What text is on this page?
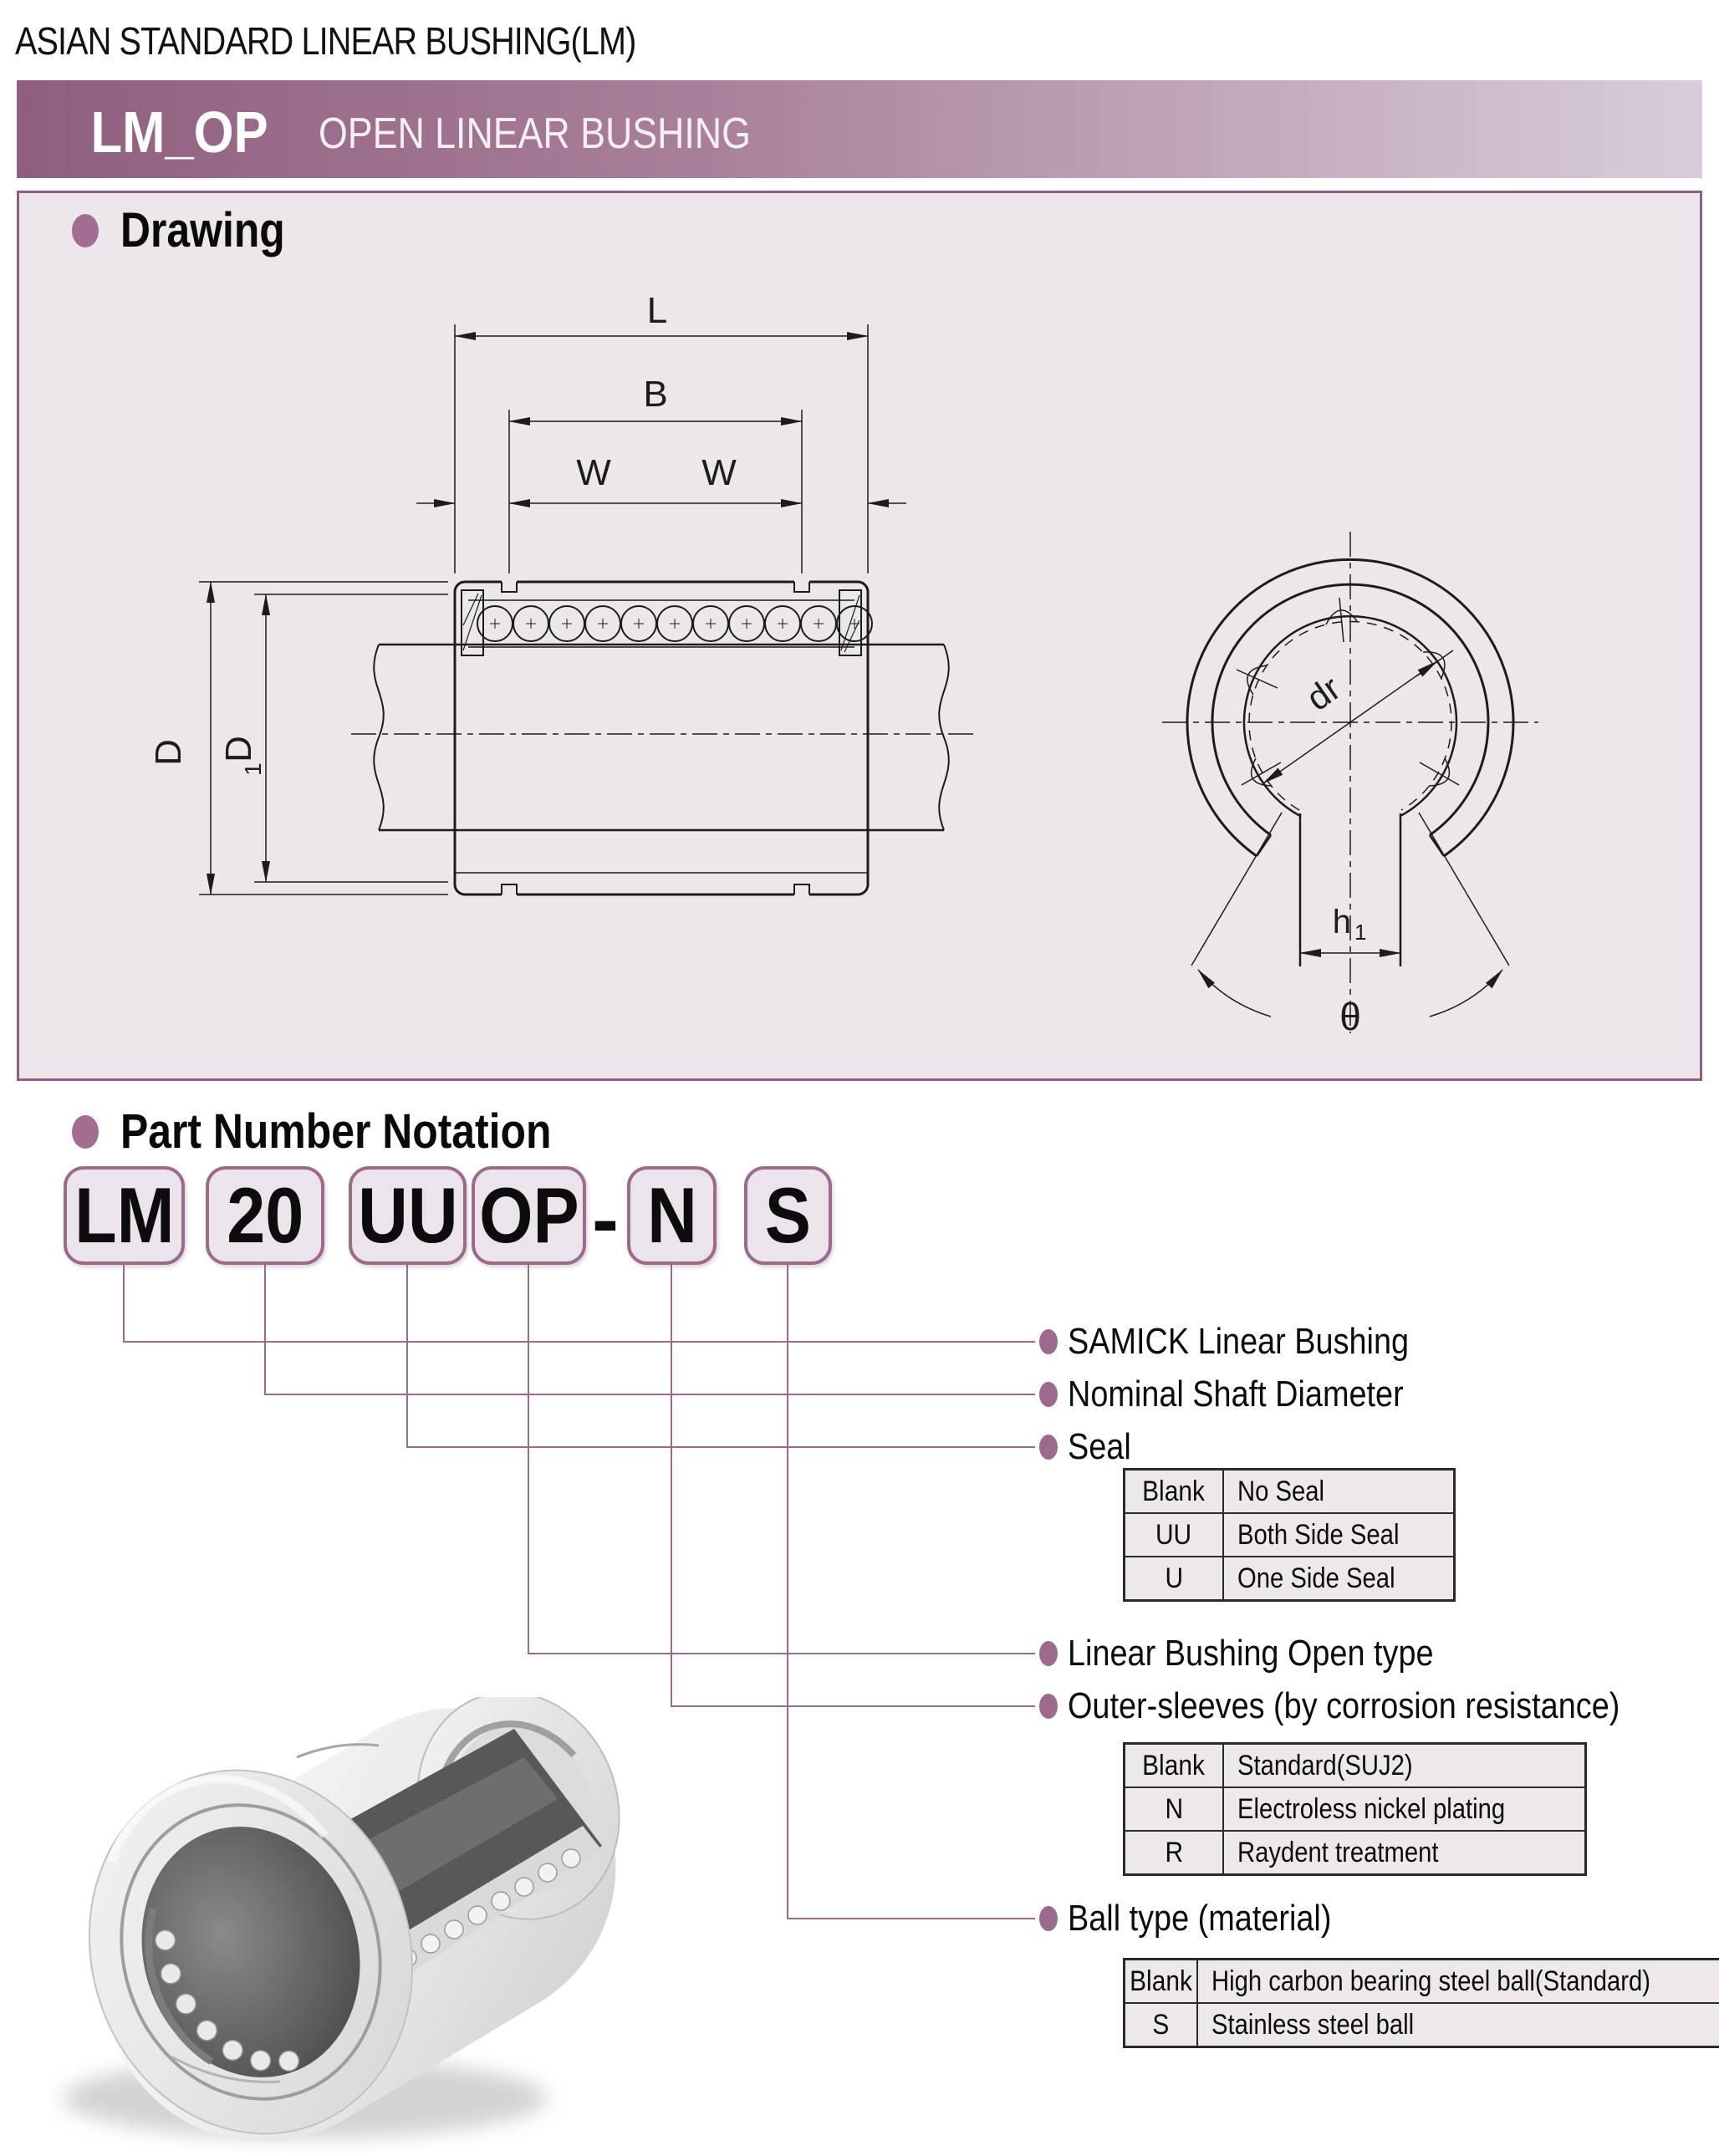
ASIAN STANDARD LINEAR BUSHING(LM)
LM_OP OPEN LINEAR BUSHING
Drawing
L
B
W W
D D
1
dr
h 1
θ
Part Number Notation
LM 20 UU OP - N S
SAMICK Linear Bushing
Nominal Shaft Diameter
Seal
Linear Bushing Open type
Outer-sleeves (by corrosion resistance)
Ball type (material)
Blank	No Seal
UU	Both Side Seal
U	One Side Seal
Blank	Standard(SUJ2)
N	Electroless nickel plating
R	Raydent treatment
Blank	High carbon bearing steel ball(Standard)
S	Stainless steel ball
